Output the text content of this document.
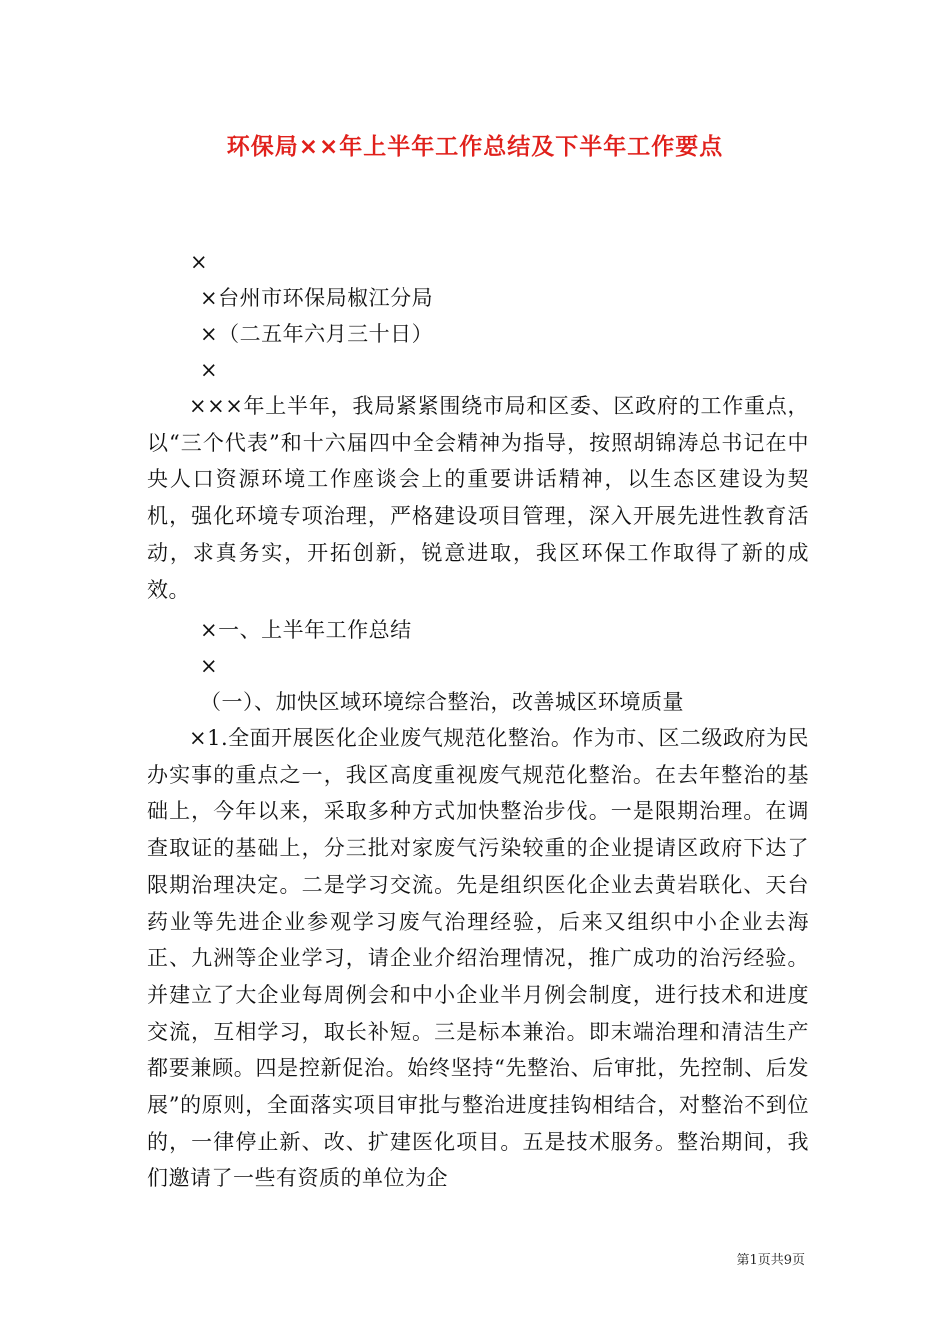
环保局××年上半年工作总结及下半年工作要点
×
×台州市环保局椒江分局
×（二五年六月三十日）
×

×××年上半年，我局紧紧围绕市局和区委、区政府的工作重点，以“三个代表”和十六届四中全会精神为指导，按照胡锦涛总书记在中央人口资源环境工作座谈会上的重要讲话精神，以生态区建设为契机，强化环境专项治理，严格建设项目管理，深入开展先进性教育活动，求真务实，开拓创新，锐意进取，我区环保工作取得了新的成效。

×一、上半年工作总结
×
（一）、加快区域环境综合整治，改善城区环境质量

×1.全面开展医化企业废气规范化整治。作为市、区二级政府为民办实事的重点之一，我区高度重视废气规范化整治。在去年整治的基础上，今年以来，采取多种方式加快整治步伐。一是限期治理。在调查取证的基础上，分三批对家废气污染较重的企业提请区政府下达了限期治理决定。二是学习交流。先是组织医化企业去黄岩联化、天台药业等先进企业参观学习废气治理经验，后来又组织中小企业去海正、九洲等企业学习，请企业介绍治理情况，推广成功的治污经验。并建立了大企业每周例会和中小企业半月例会制度，进行技术和进度交流，互相学习，取长补短。三是标本兼治。即末端治理和清洁生产都要兼顾。四是控新促治。始终坚持“先整治、后审批，先控制、后发展”的原则，全面落实项目审批与整治进度挂钩相结合，对整治不到位的，一律停止新、改、扩建医化项目。五是技术服务。整治期间，我们邀请了一些有资质的单位为企

第1页共9页
